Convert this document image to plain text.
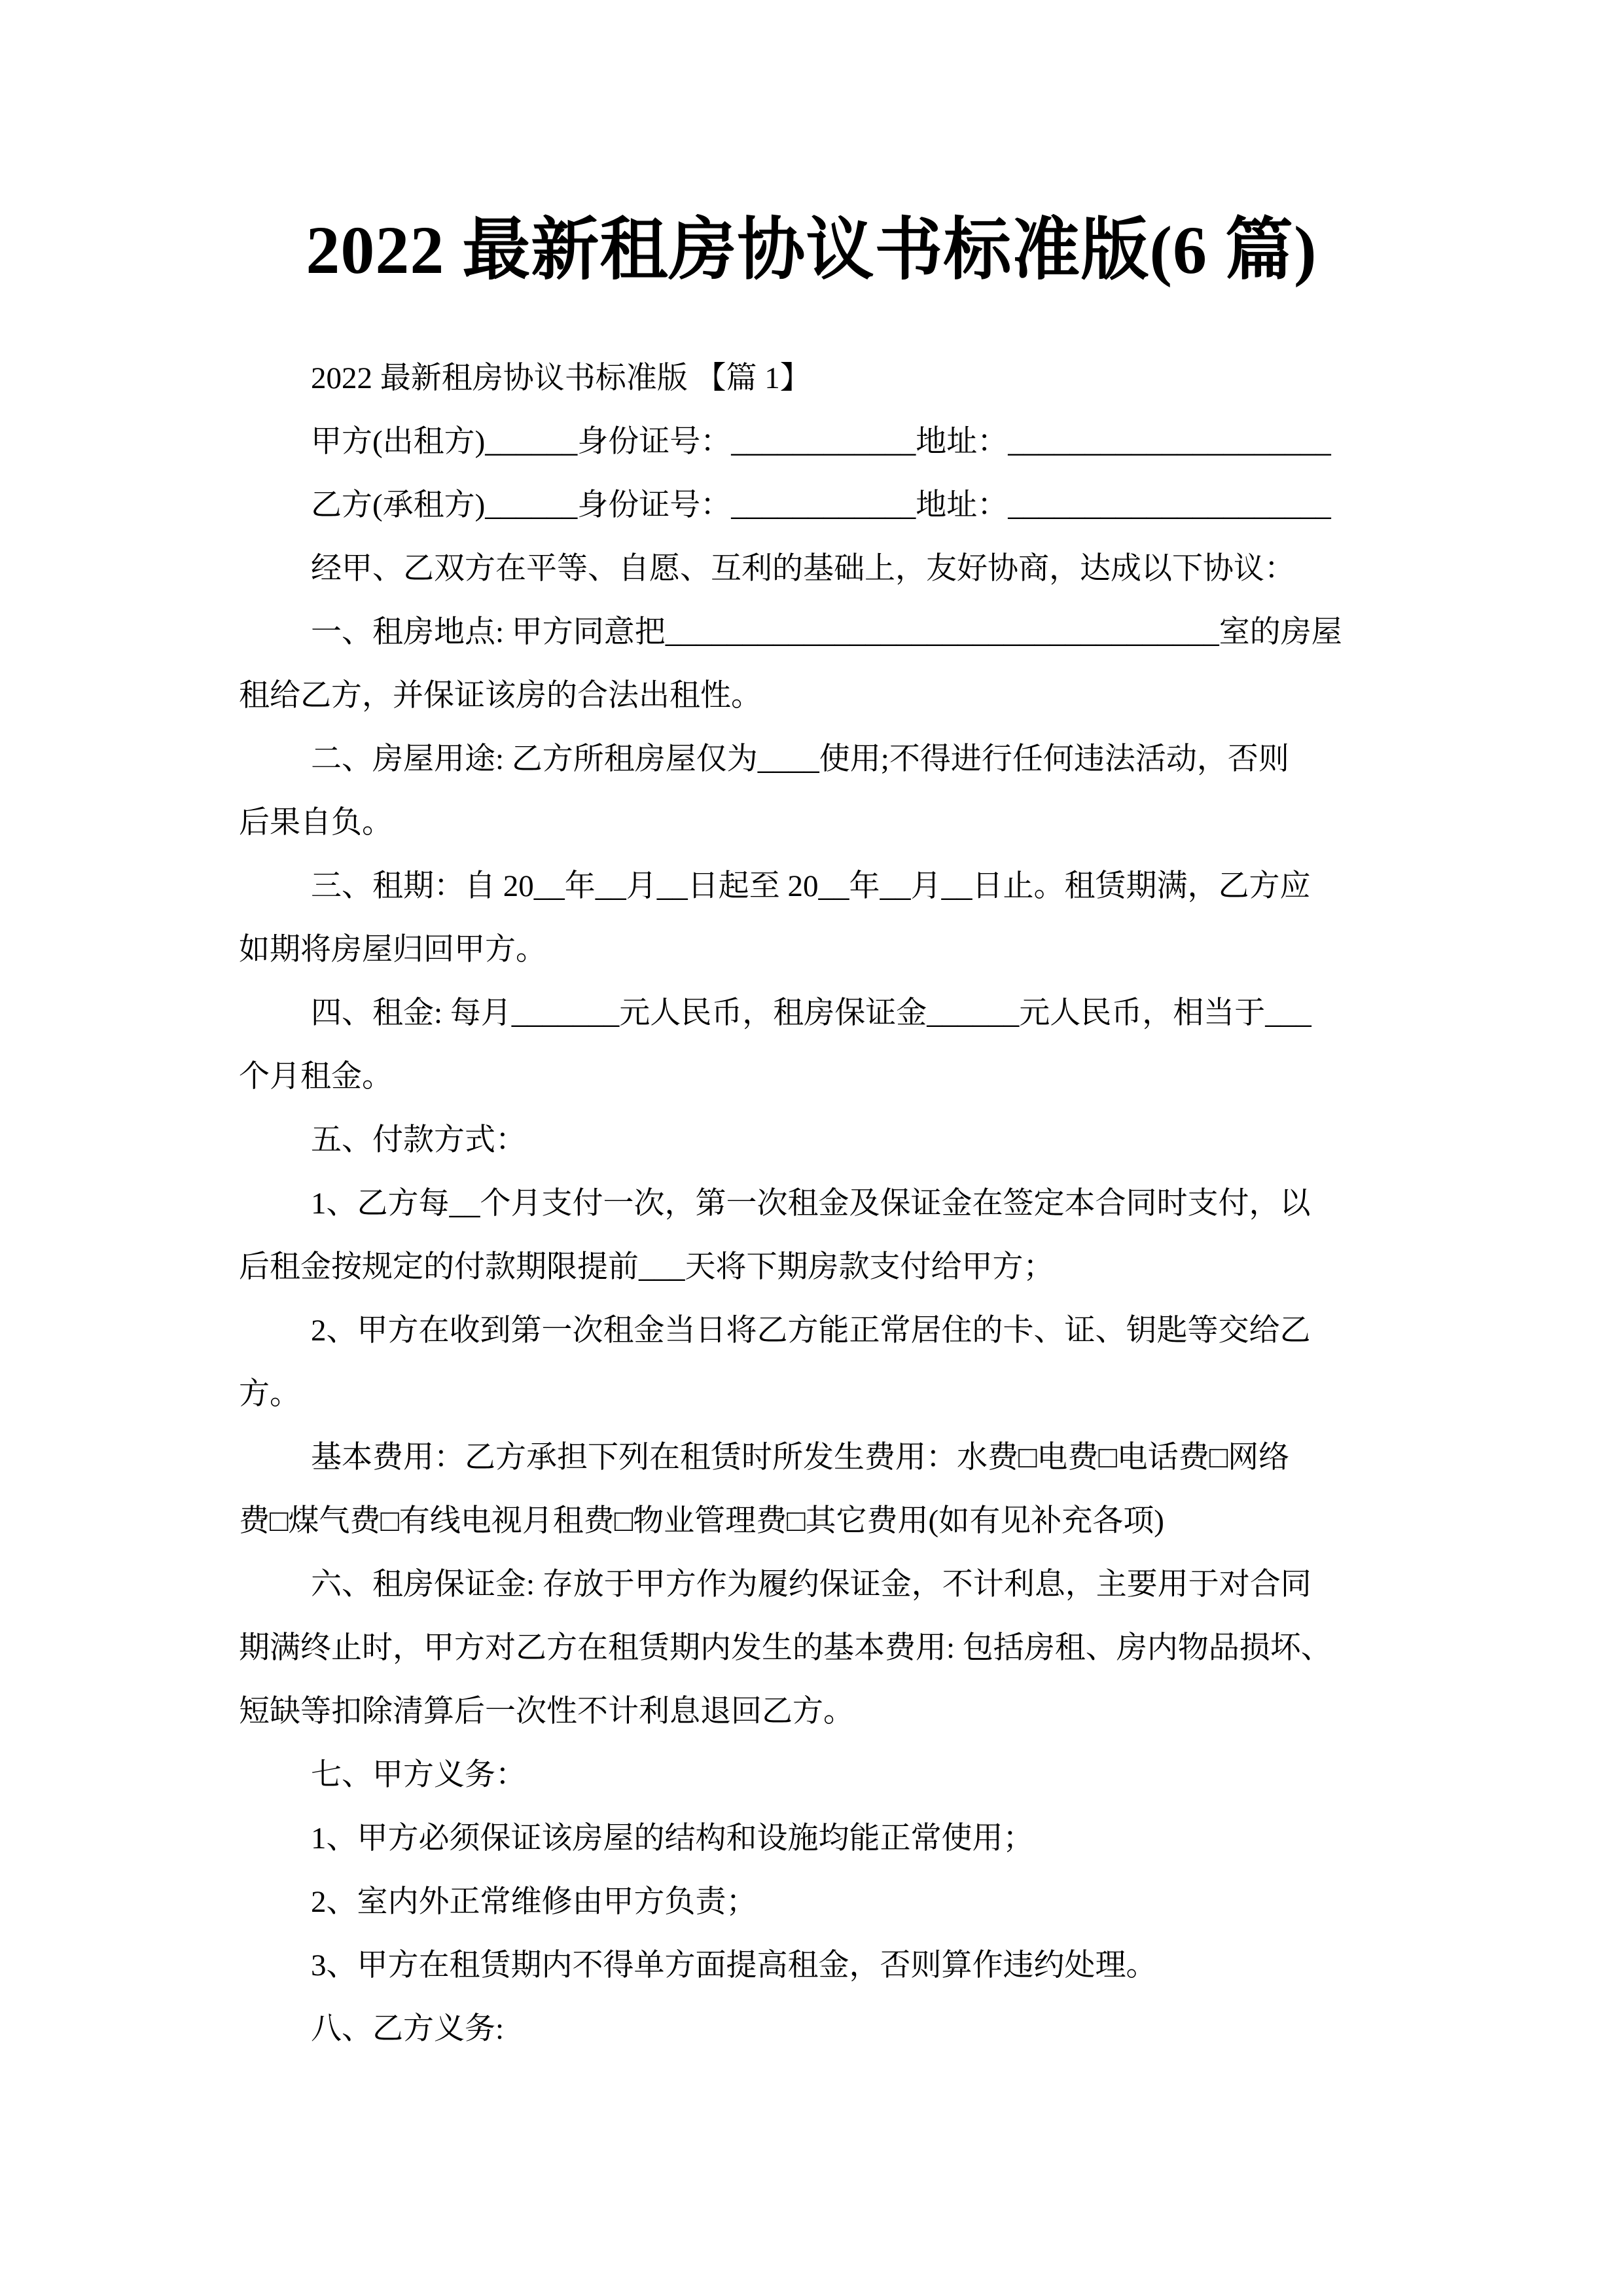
2022 最新租房协议书标准版(6 篇)
2022 最新租房协议书标准版 【篇 1】
甲方(出租方)______身份证号：____________地址：_____________________
乙方(承租方)______身份证号：____________地址：_____________________
经甲、乙双方在平等、自愿、互利的基础上，友好协商，达成以下协议：
一、租房地点: 甲方同意把____________________________________室的房屋
租给乙方，并保证该房的合法出租性。
二、房屋用途: 乙方所租房屋仅为____使用;不得进行任何违法活动，否则
后果自负。
三、租期：自 20__年__月__日起至 20__年__月__日止。租赁期满，乙方应
如期将房屋归回甲方。
四、租金: 每月_______元人民币，租房保证金______元人民币，相当于___
个月租金。
五、付款方式：
1、乙方每__个月支付一次，第一次租金及保证金在签定本合同时支付，以
后租金按规定的付款期限提前___天将下期房款支付给甲方；
2、甲方在收到第一次租金当日将乙方能正常居住的卡、证、钥匙等交给乙
方。
基本费用：乙方承担下列在租赁时所发生费用：水费□电费□电话费□网络
费□煤气费□有线电视月租费□物业管理费□其它费用(如有见补充各项)
六、租房保证金: 存放于甲方作为履约保证金，不计利息，主要用于对合同
期满终止时，甲方对乙方在租赁期内发生的基本费用: 包括房租、房内物品损坏、
短缺等扣除清算后一次性不计利息退回乙方。
七、甲方义务：
1、甲方必须保证该房屋的结构和设施均能正常使用；
2、室内外正常维修由甲方负责；
3、甲方在租赁期内不得单方面提高租金，否则算作违约处理。
八、乙方义务:
